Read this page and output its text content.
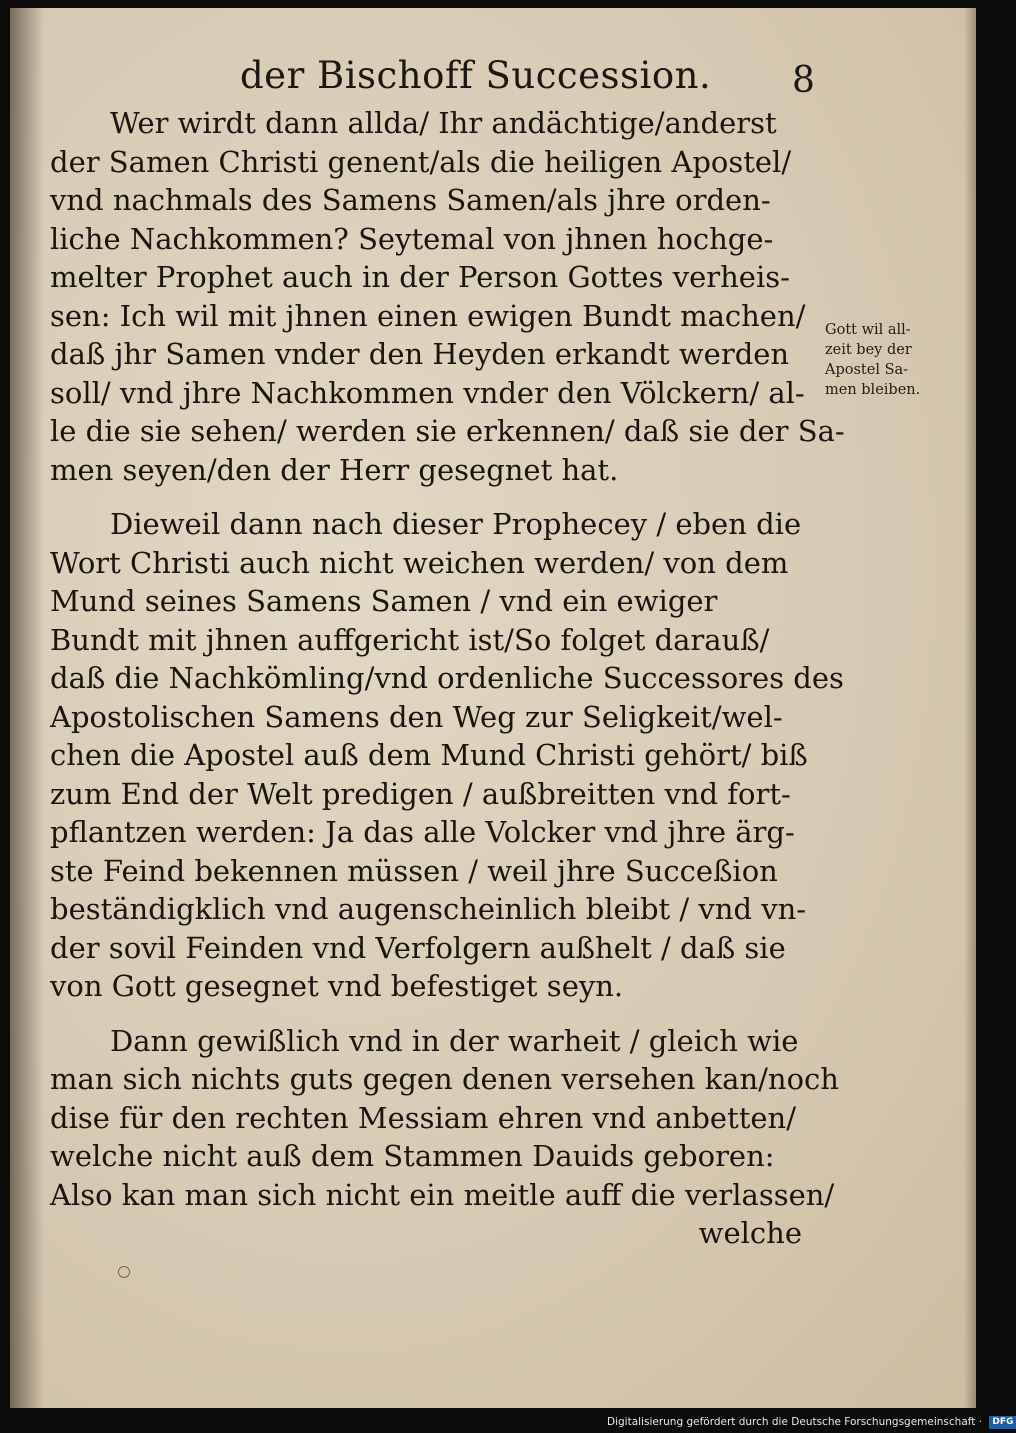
der Bischoff Succession. 8
Wer wirdt dann allda/ Ihr andächtige/anderst
der Samen Christi genent/als die heiligen Apostel/
vnd nachmals des Samens Samen/als jhre orden-
liche Nachkommen? Seytemal von jhnen hochge-
melter Prophet auch in der Person Gottes verheis-
sen: Ich wil mit jhnen einen ewigen Bundt machen/
daß jhr Samen vnder den Heyden erkandt werden
soll/ vnd jhre Nachkommen vnder den Völckern/ al-
le die sie sehen/ werden sie erkennen/ daß sie der Sa-
men seyen/den der Herr gesegnet hat.
Dieweil dann nach dieser Prophecey / eben die
Wort Christi auch nicht weichen werden/ von dem
Mund seines Samens Samen / vnd ein ewiger
Bundt mit jhnen auffgericht ist/So folget darauß/
daß die Nachkömling/vnd ordenliche Successores des
Apostolischen Samens den Weg zur Seligkeit/wel-
chen die Apostel auß dem Mund Christi gehört/ biß
zum End der Welt predigen / außbreitten vnd fort-
pflantzen werden: Ja das alle Volcker vnd jhre ärg-
ste Feind bekennen müssen / weil jhre Succeßion
beständigklich vnd augenscheinlich bleibt / vnd vn-
der sovil Feinden vnd Verfolgern außhelt / daß sie
von Gott gesegnet vnd befestiget seyn.
Dann gewißlich vnd in der warheit / gleich wie
man sich nichts guts gegen denen versehen kan/noch
dise für den rechten Messiam ehren vnd anbetten/
welche nicht auß dem Stammen Dauids geboren:
Also kan man sich nicht ein meitle auff die verlassen/
welche
Gott wil all-
zeit bey der
Apostel Sa-
men bleiben.
Digitalisierung gefördert durch die Deutsche Forschungsgemeinschaft · DFG
